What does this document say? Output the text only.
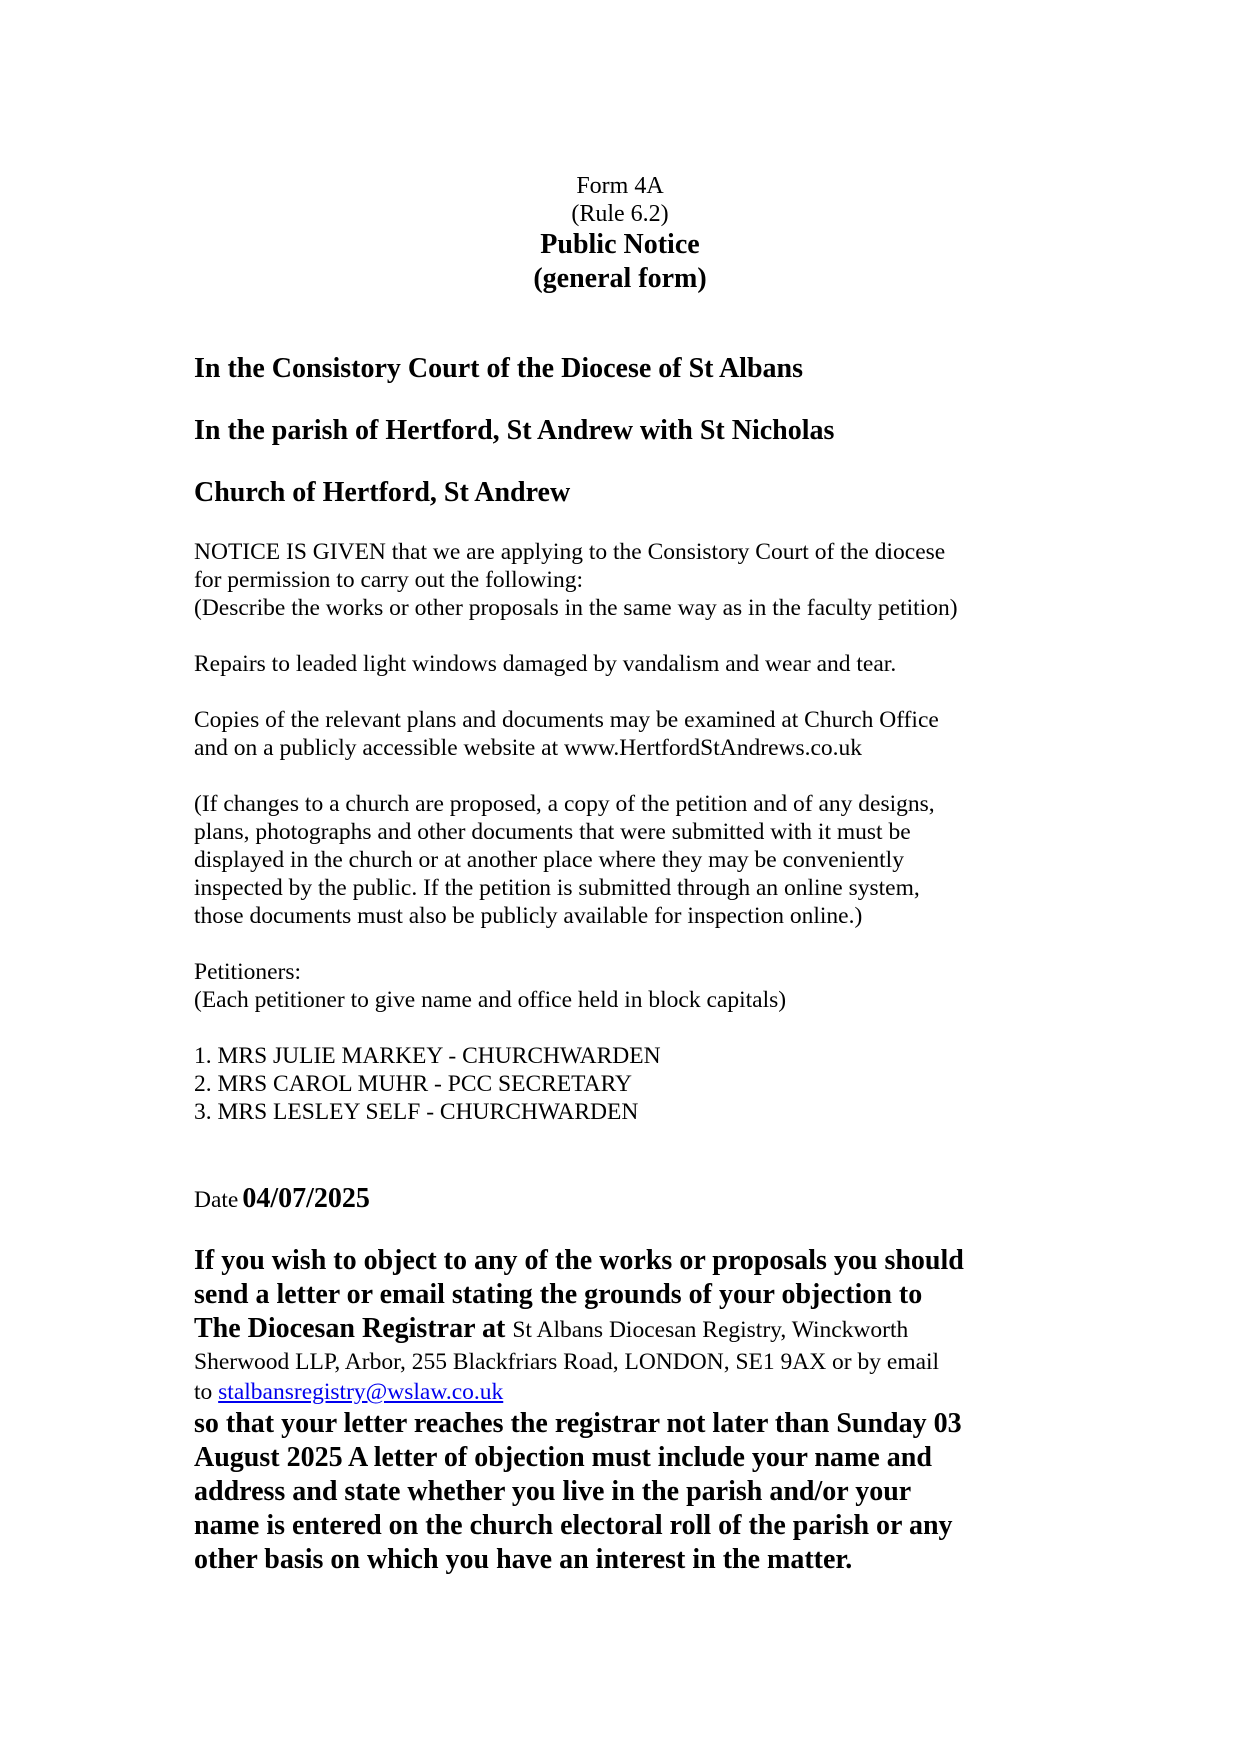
Form 4A
(Rule 6.2)
Public Notice
(general form)
In the Consistory Court of the Diocese of St Albans
In the parish of Hertford, St Andrew with St Nicholas
Church of Hertford, St Andrew
NOTICE IS GIVEN that we are applying to the Consistory Court of the diocese
for permission to carry out the following:
(Describe the works or other proposals in the same way as in the faculty petition)
Repairs to leaded light windows damaged by vandalism and wear and tear.
Copies of the relevant plans and documents may be examined at Church Office
and on a publicly accessible website at www.HertfordStAndrews.co.uk
(If changes to a church are proposed, a copy of the petition and of any designs,
plans, photographs and other documents that were submitted with it must be
displayed in the church or at another place where they may be conveniently
inspected by the public. If the petition is submitted through an online system,
those documents must also be publicly available for inspection online.)
Petitioners:
(Each petitioner to give name and office held in block capitals)
1. MRS JULIE MARKEY - CHURCHWARDEN
2. MRS CAROL MUHR - PCC SECRETARY
3. MRS LESLEY SELF - CHURCHWARDEN
Date 04/07/2025
If you wish to object to any of the works or proposals you should
send a letter or email stating the grounds of your objection to
The Diocesan Registrar at St Albans Diocesan Registry, Winckworth
Sherwood LLP, Arbor, 255 Blackfriars Road, LONDON, SE1 9AX or by email
to stalbansregistry@wslaw.co.uk
so that your letter reaches the registrar not later than Sunday 03
August 2025 A letter of objection must include your name and
address and state whether you live in the parish and/or your
name is entered on the church electoral roll of the parish or any
other basis on which you have an interest in the matter.
